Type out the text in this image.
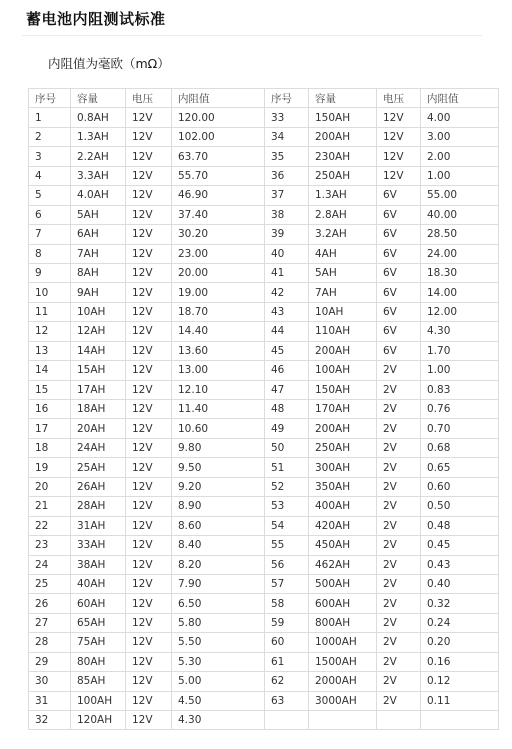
蓄电池内阻测试标准
内阻值为毫欧（mΩ）
序号	容量	电压	内阻值	序号	容量	电压	内阻值
1	0.8AH	12V	120.00	33	150AH	12V	4.00
2	1.3AH	12V	102.00	34	200AH	12V	3.00
3	2.2AH	12V	63.70	35	230AH	12V	2.00
4	3.3AH	12V	55.70	36	250AH	12V	1.00
5	4.0AH	12V	46.90	37	1.3AH	6V	55.00
6	5AH	12V	37.40	38	2.8AH	6V	40.00
7	6AH	12V	30.20	39	3.2AH	6V	28.50
8	7AH	12V	23.00	40	4AH	6V	24.00
9	8AH	12V	20.00	41	5AH	6V	18.30
10	9AH	12V	19.00	42	7AH	6V	14.00
11	10AH	12V	18.70	43	10AH	6V	12.00
12	12AH	12V	14.40	44	110AH	6V	4.30
13	14AH	12V	13.60	45	200AH	6V	1.70
14	15AH	12V	13.00	46	100AH	2V	1.00
15	17AH	12V	12.10	47	150AH	2V	0.83
16	18AH	12V	11.40	48	170AH	2V	0.76
17	20AH	12V	10.60	49	200AH	2V	0.70
18	24AH	12V	9.80	50	250AH	2V	0.68
19	25AH	12V	9.50	51	300AH	2V	0.65
20	26AH	12V	9.20	52	350AH	2V	0.60
21	28AH	12V	8.90	53	400AH	2V	0.50
22	31AH	12V	8.60	54	420AH	2V	0.48
23	33AH	12V	8.40	55	450AH	2V	0.45
24	38AH	12V	8.20	56	462AH	2V	0.43
25	40AH	12V	7.90	57	500AH	2V	0.40
26	60AH	12V	6.50	58	600AH	2V	0.32
27	65AH	12V	5.80	59	800AH	2V	0.24
28	75AH	12V	5.50	60	1000AH	2V	0.20
29	80AH	12V	5.30	61	1500AH	2V	0.16
30	85AH	12V	5.00	62	2000AH	2V	0.12
31	100AH	12V	4.50	63	3000AH	2V	0.11
32	120AH	12V	4.30				
